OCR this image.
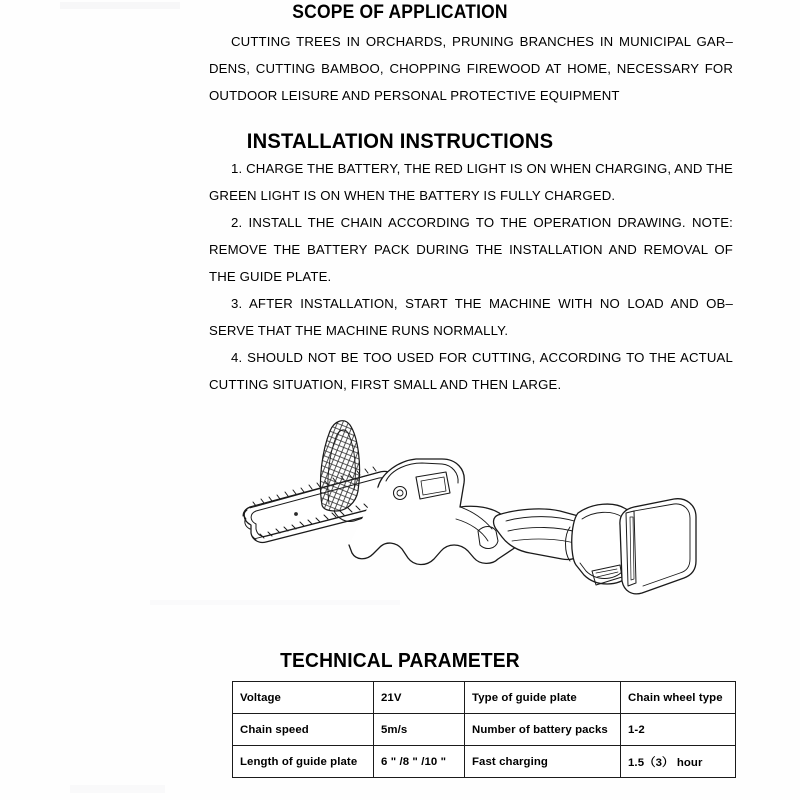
SCOPE OF APPLICATION

CUTTING TREES IN ORCHARDS, PRUNING BRANCHES IN MUNICIPAL GAR–DENS, CUTTING BAMBOO, CHOPPING FIREWOOD AT HOME, NECESSARY FOR OUTDOOR LEISURE AND PERSONAL PROTECTIVE EQUIPMENT

INSTALLATION INSTRUCTIONS

1. CHARGE THE BATTERY, THE RED LIGHT IS ON WHEN CHARGING, AND THE GREEN LIGHT IS ON WHEN THE BATTERY IS FULLY CHARGED.

2. INSTALL THE CHAIN ACCORDING TO THE OPERATION DRAWING. NOTE: REMOVE THE BATTERY PACK DURING THE INSTALLATION AND REMOVAL OF THE GUIDE PLATE.

3. AFTER INSTALLATION, START THE MACHINE WITH NO LOAD AND OB–SERVE THAT THE MACHINE RUNS NORMALLY.

4. SHOULD NOT BE TOO USED FOR CUTTING, ACCORDING TO THE ACTUAL CUTTING SITUATION, FIRST SMALL AND THEN LARGE.

TECHNICAL PARAMETER
Voltage	21V	Type of guide plate	Chain wheel type
Chain speed	5m/s	Number of battery packs	1-2
Length of guide plate	6 " /8 " /10 "	Fast charging	1.5（3） hour
